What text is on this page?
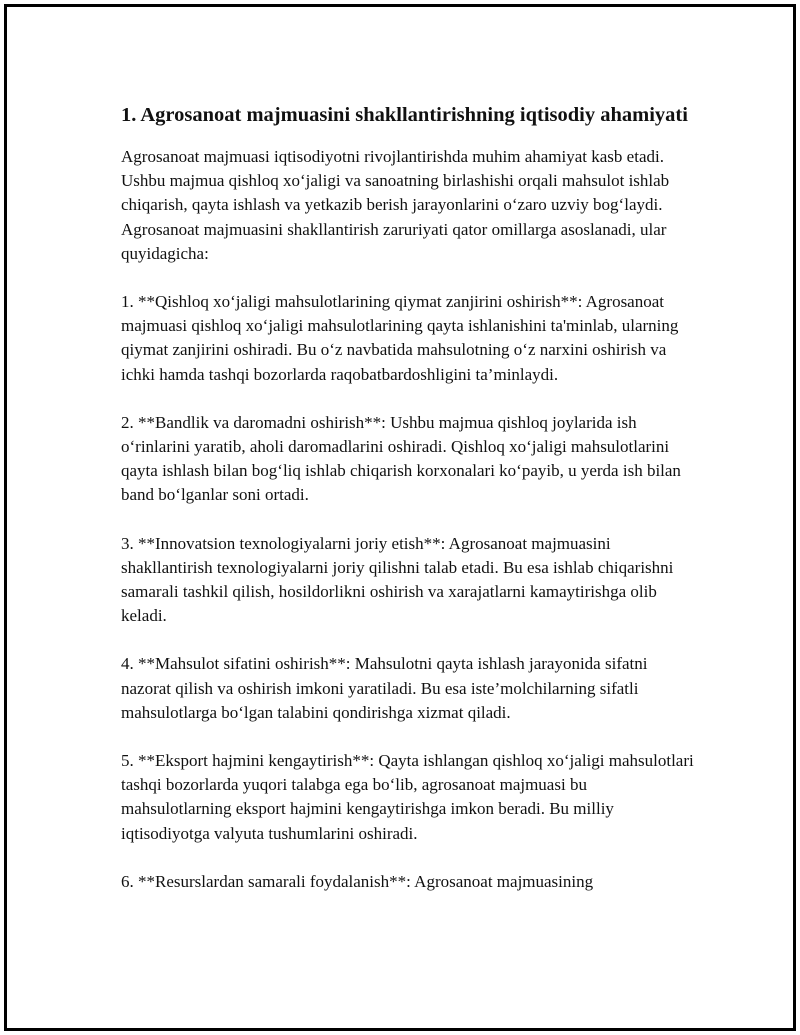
1. Agrosanoat majmuasini shakllantirishning iqtisodiy ahamiyati

Agrosanoat majmuasi iqtisodiyotni rivojlantirishda muhim ahamiyat kasb etadi. Ushbu majmua qishloq xo‘jaligi va sanoatning birlashishi orqali mahsulot ishlab chiqarish, qayta ishlash va yetkazib berish jarayonlarini o‘zaro uzviy bog‘laydi. Agrosanoat majmuasini shakllantirish zaruriyati qator omillarga asoslanadi, ular quyidagicha:

1. **Qishloq xo‘jaligi mahsulotlarining qiymat zanjirini oshirish**: Agrosanoat majmuasi qishloq xo‘jaligi mahsulotlarining qayta ishlanishini ta'minlab, ularning qiymat zanjirini oshiradi. Bu o‘z navbatida mahsulotning o‘z narxini oshirish va ichki hamda tashqi bozorlarda raqobatbardoshligini ta’minlaydi.

2. **Bandlik va daromadni oshirish**: Ushbu majmua qishloq joylarida ish o‘rinlarini yaratib, aholi daromadlarini oshiradi. Qishloq xo‘jaligi mahsulotlarini qayta ishlash bilan bog‘liq ishlab chiqarish korxonalari ko‘payib, u yerda ish bilan band bo‘lganlar soni ortadi.

3. **Innovatsion texnologiyalarni joriy etish**: Agrosanoat majmuasini shakllantirish texnologiyalarni joriy qilishni talab etadi. Bu esa ishlab chiqarishni samarali tashkil qilish, hosildorlikni oshirish va xarajatlarni kamaytirishga olib keladi.

4. **Mahsulot sifatini oshirish**: Mahsulotni qayta ishlash jarayonida sifatni nazorat qilish va oshirish imkoni yaratiladi. Bu esa iste’molchilarning sifatli mahsulotlarga bo‘lgan talabini qondirishga xizmat qiladi.

5. **Eksport hajmini kengaytirish**: Qayta ishlangan qishloq xo‘jaligi mahsulotlari tashqi bozorlarda yuqori talabga ega bo‘lib, agrosanoat majmuasi bu mahsulotlarning eksport hajmini kengaytirishga imkon beradi. Bu milliy iqtisodiyotga valyuta tushumlarini oshiradi.

6. **Resurslardan samarali foydalanish**: Agrosanoat majmuasining
